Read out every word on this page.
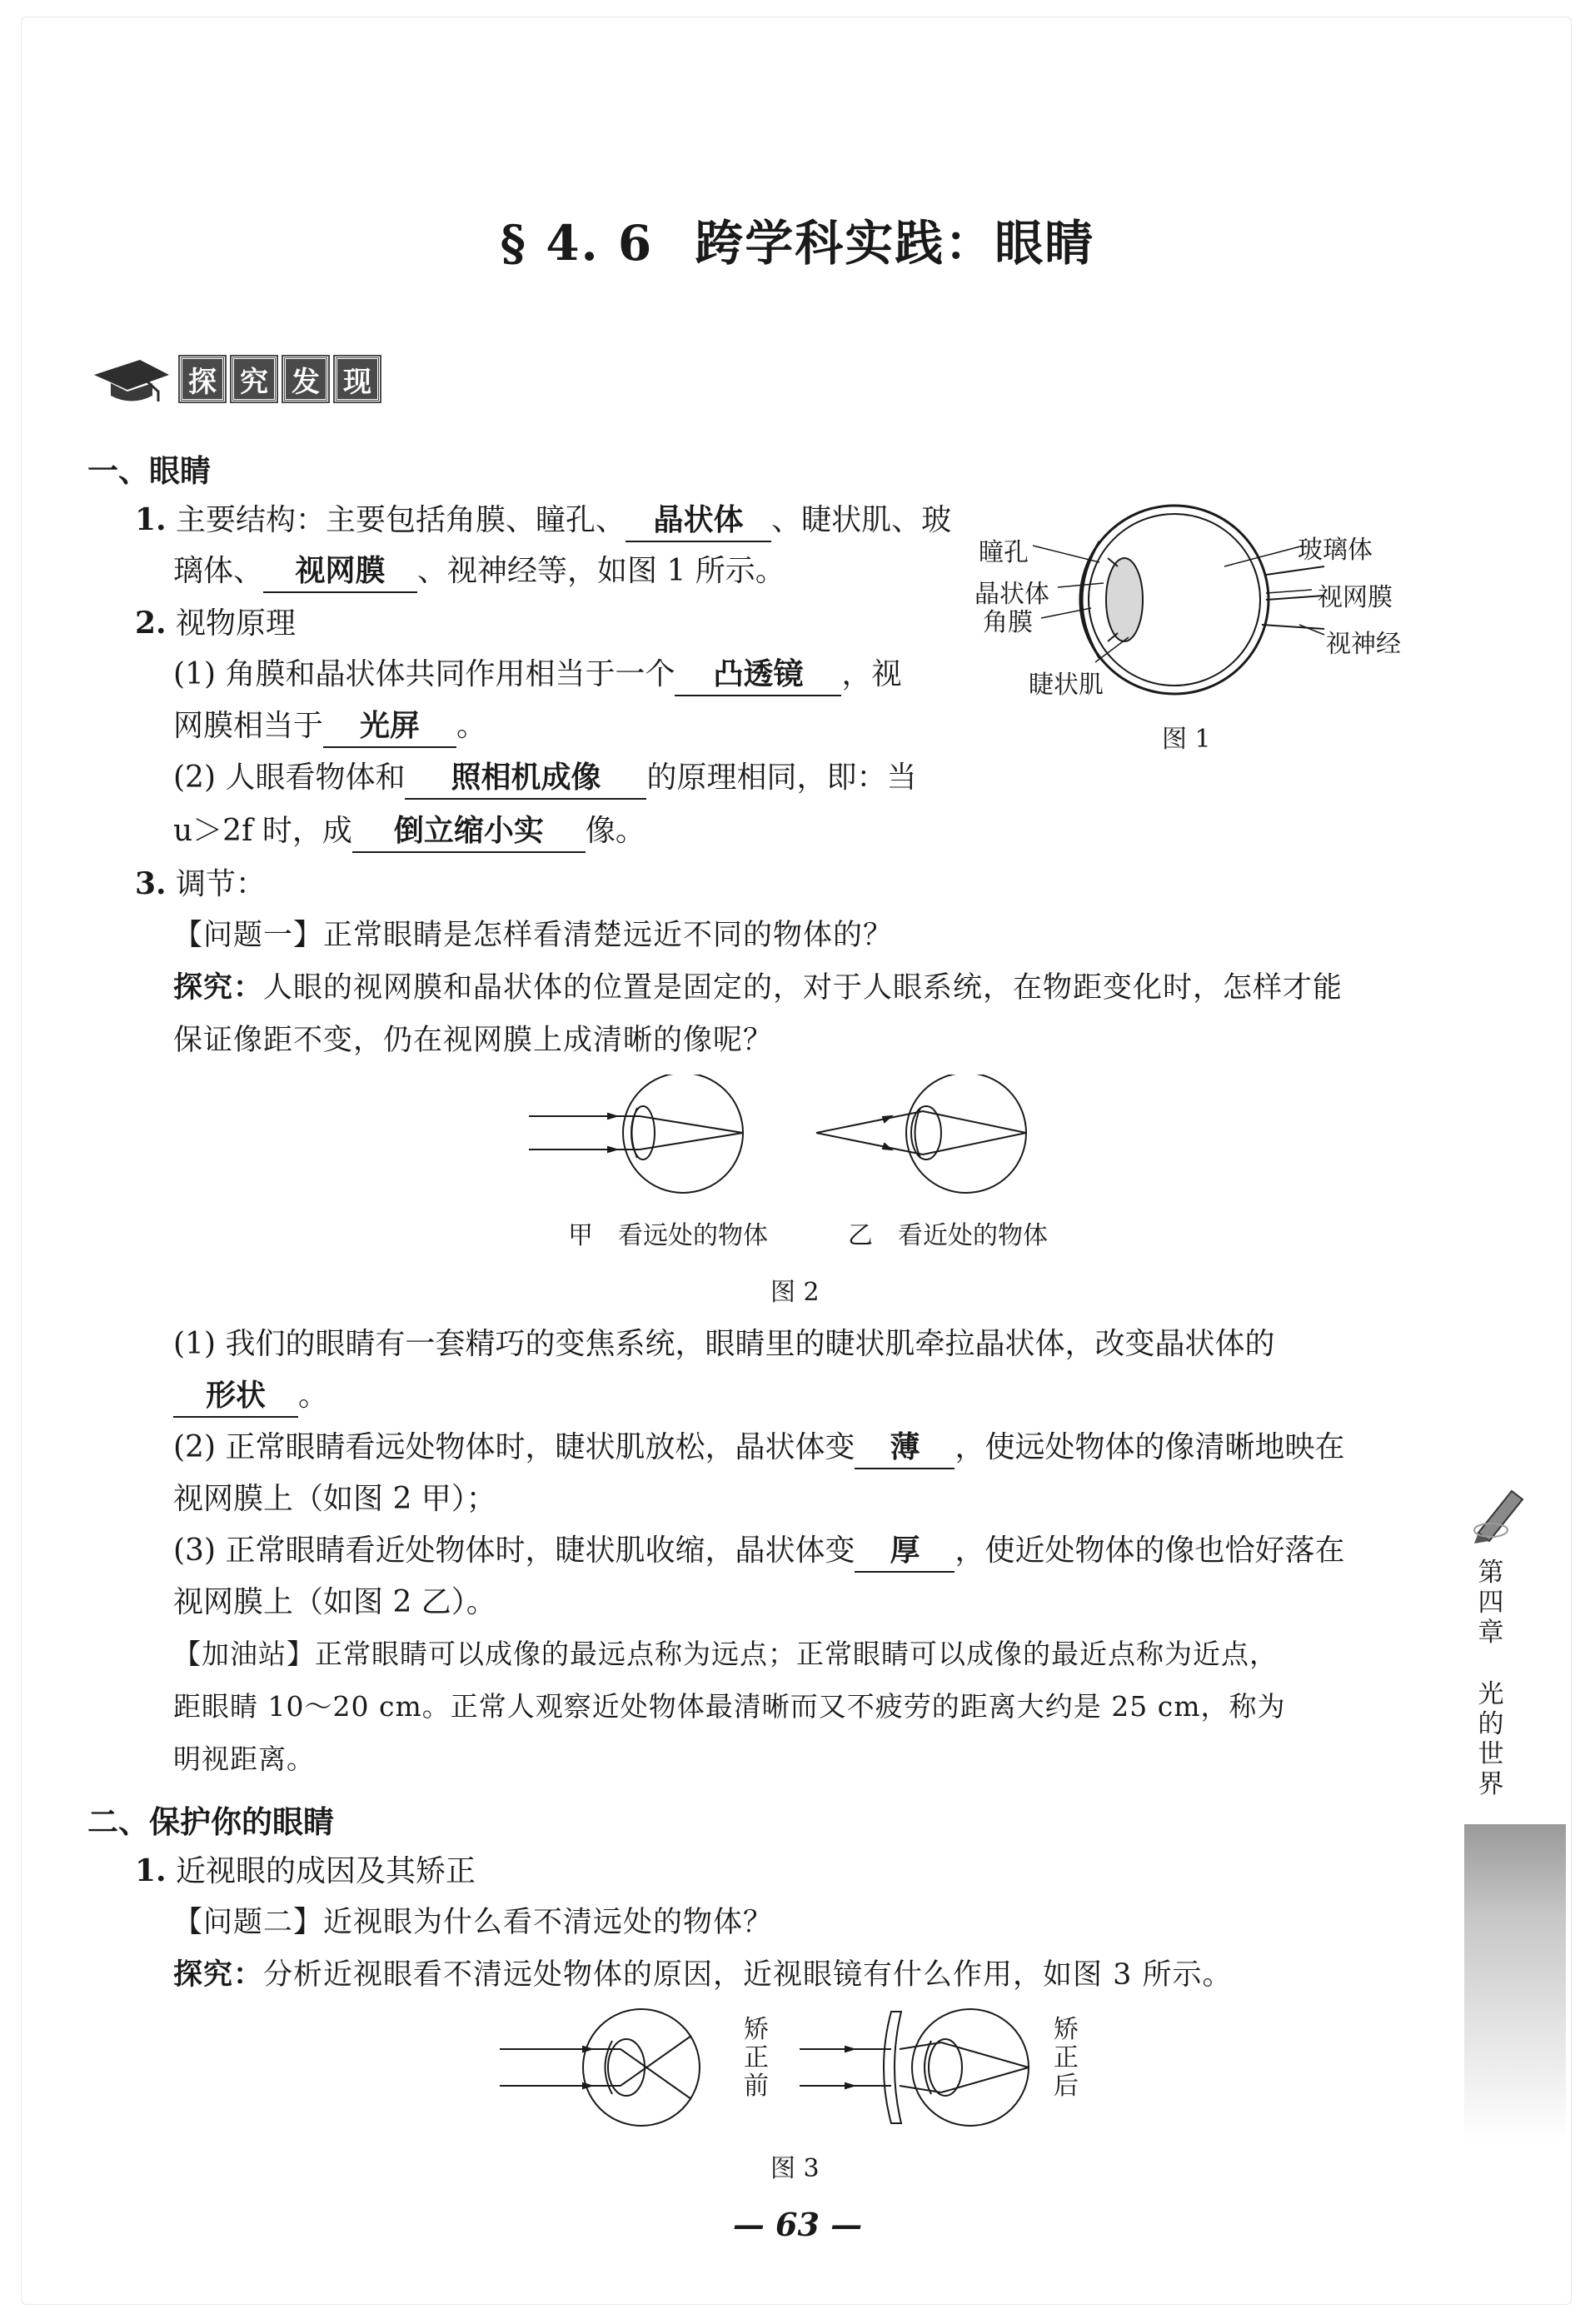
§ 4. 6 跨学科实践：眼睛
探 究 发 现
一、眼睛
1. 主要结构：主要包括角膜、瞳孔、 晶状体 、睫状肌、玻
璃体、 视网膜 、视神经等，如图 1 所示。
2. 视物原理
(1) 角膜和晶状体共同作用相当于一个 凸透镜 ，视
网膜相当于 光屏 。
(2) 人眼看物体和 照相机成像 的原理相同，即：当
u＞2f 时，成 倒立缩小实 像。
瞳孔
晶状体
角膜
睫状肌
玻璃体
视网膜
视神经
图 1
3. 调节：
【问题一】正常眼睛是怎样看清楚远近不同的物体的？
探究：人眼的视网膜和晶状体的位置是固定的，对于人眼系统，在物距变化时，怎样才能
保证像距不变，仍在视网膜上成清晰的像呢？
甲　看远处的物体	乙　看近处的物体
图 2
(1) 我们的眼睛有一套精巧的变焦系统，眼睛里的睫状肌牵拉晶状体，改变晶状体的
形状 。
(2) 正常眼睛看远处物体时，睫状肌放松，晶状体变 薄 ，使远处物体的像清晰地映在
视网膜上（如图 2 甲）；
(3) 正常眼睛看近处物体时，睫状肌收缩，晶状体变 厚 ，使近处物体的像也恰好落在
视网膜上（如图 2 乙）。
【加油站】正常眼睛可以成像的最远点称为远点；正常眼睛可以成像的最近点称为近点，
距眼睛 10～20 cm。正常人观察近处物体最清晰而又不疲劳的距离大约是 25 cm，称为
明视距离。
二、保护你的眼睛
1. 近视眼的成因及其矫正
【问题二】近视眼为什么看不清远处的物体？
探究：分析近视眼看不清远处物体的原因，近视眼镜有什么作用，如图 3 所示。
矫
正
前
矫
正
后
图 3
第
四
章
光
的
世
界
— 63 —
